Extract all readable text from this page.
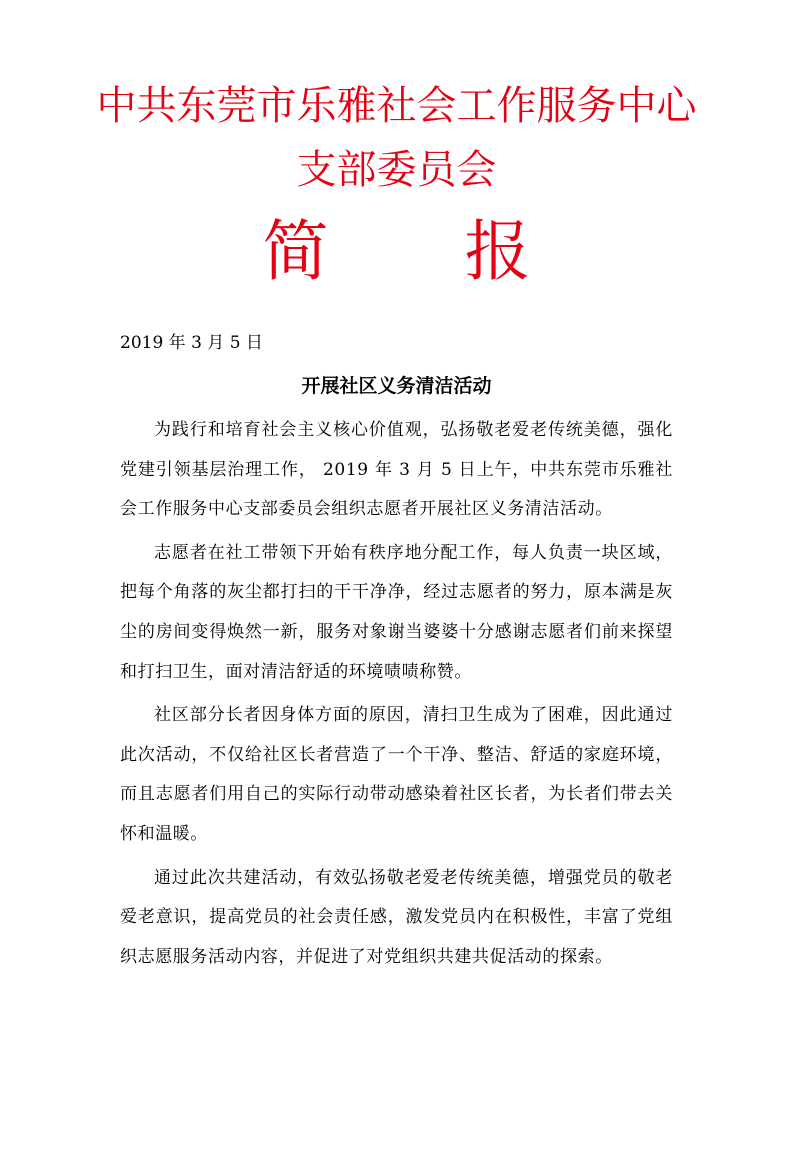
中共东莞市乐雅社会工作服务中心
支部委员会
简 报
2019 年 3 月 5 日
开展社区义务清洁活动

为践行和培育社会主义核心价值观，弘扬敬老爱老传统美德，强化党建引领基层治理工作， 2019 年 3 月 5 日上午，中共东莞市乐雅社会工作服务中心支部委员会组织志愿者开展社区义务清洁活动。

志愿者在社工带领下开始有秩序地分配工作，每人负责一块区域，把每个角落的灰尘都打扫的干干净净，经过志愿者的努力，原本满是灰尘的房间变得焕然一新，服务对象谢当婆婆十分感谢志愿者们前来探望和打扫卫生，面对清洁舒适的环境啧啧称赞。

社区部分长者因身体方面的原因，清扫卫生成为了困难，因此通过此次活动，不仅给社区长者营造了一个干净、整洁、舒适的家庭环境，而且志愿者们用自己的实际行动带动感染着社区长者，为长者们带去关怀和温暖。

通过此次共建活动，有效弘扬敬老爱老传统美德，增强党员的敬老爱老意识，提高党员的社会责任感，激发党员内在积极性，丰富了党组织志愿服务活动内容，并促进了对党组织共建共促活动的探索。
